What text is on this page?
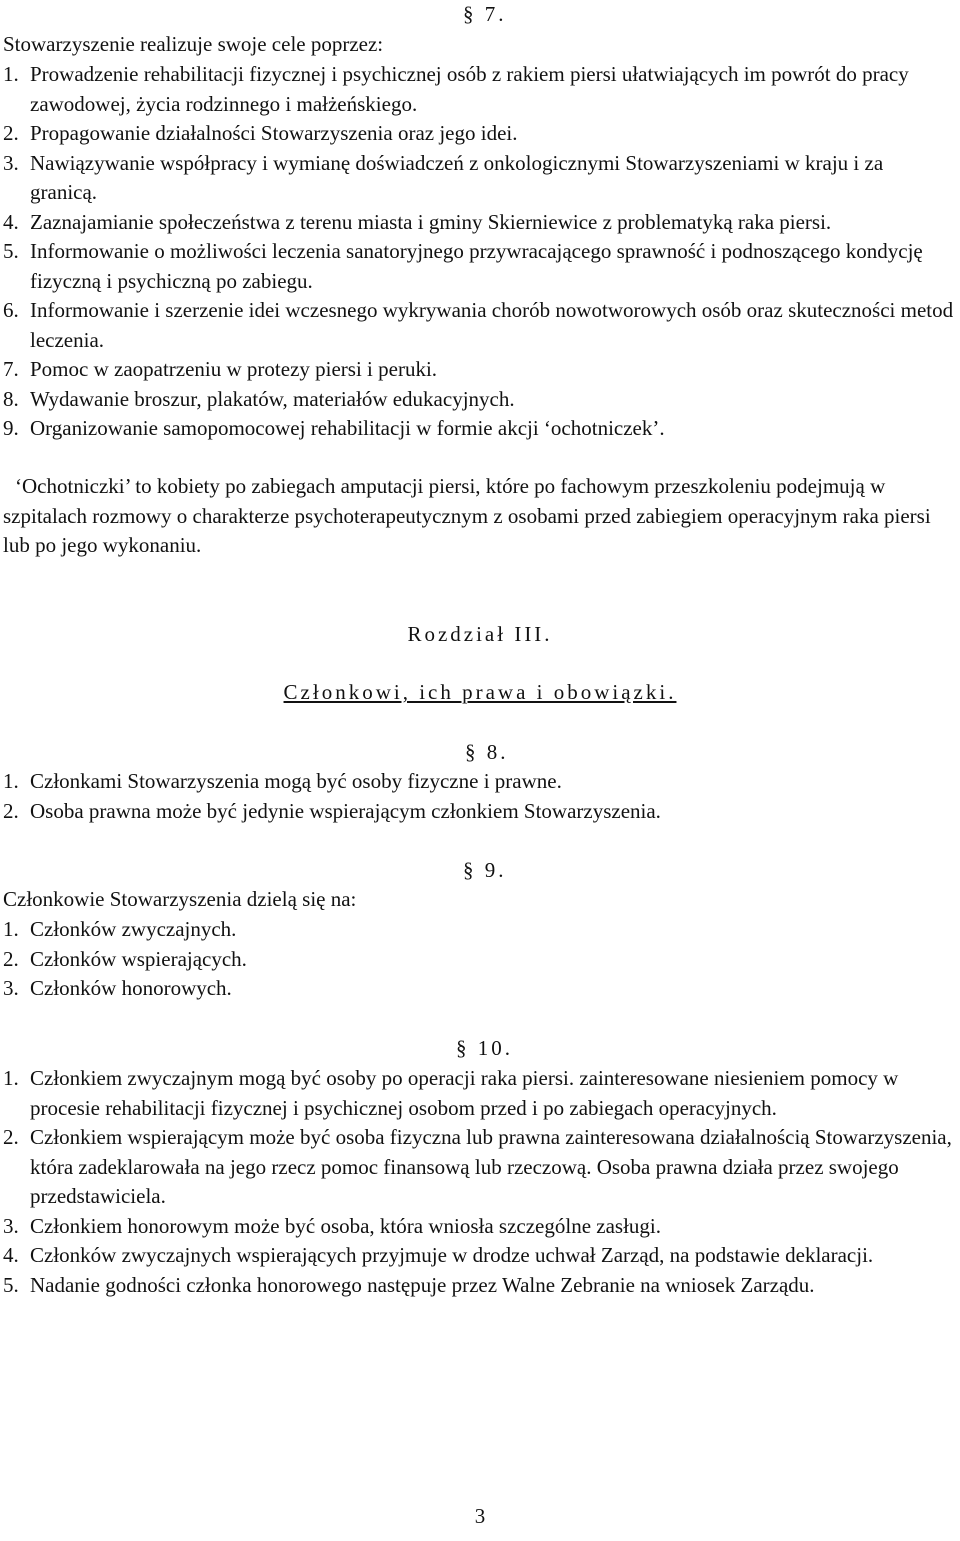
§ 7.

Stowarzyszenie realizuje swoje cele poprzez:

1. Prowadzenie rehabilitacji fizycznej i psychicznej osób z rakiem piersi ułatwiających im powrót do pracy zawodowej, życia rodzinnego i małżeńskiego.
2. Propagowanie działalności Stowarzyszenia oraz jego idei.
3. Nawiązywanie współpracy i wymianę doświadczeń z onkologicznymi Stowarzyszeniami w kraju i za granicą.
4. Zaznajamianie społeczeństwa z terenu miasta i gminy Skierniewice z problematyką raka piersi.
5. Informowanie o możliwości leczenia sanatoryjnego przywracającego sprawność i podnoszącego kondycję fizyczną i psychiczną po zabiegu.
6. Informowanie i szerzenie idei wczesnego wykrywania chorób nowotworowych osób oraz skuteczności metod leczenia.
7. Pomoc w zaopatrzeniu w protezy piersi i peruki.
8. Wydawanie broszur, plakatów, materiałów edukacyjnych.
9. Organizowanie samopomocowej rehabilitacji w formie akcji ‘ochotniczek’.

‘Ochotniczki’ to kobiety po zabiegach amputacji piersi, które po fachowym przeszkoleniu podejmują w szpitalach rozmowy o charakterze psychoterapeutycznym z osobami przed zabiegiem operacyjnym raka piersi lub po jego wykonaniu.

Rozdział III.
Członkowi, ich prawa i obowiązki.
§ 8.
1. Członkami Stowarzyszenia mogą być osoby fizyczne i prawne.
2. Osoba prawna może być jedynie wspierającym członkiem Stowarzyszenia.
§ 9.

Członkowie Stowarzyszenia dzielą się na:

1. Członków zwyczajnych.
2. Członków wspierających.
3. Członków honorowych.
§ 10.
1. Członkiem zwyczajnym mogą być osoby po operacji raka piersi. zainteresowane niesieniem pomocy w procesie rehabilitacji fizycznej i psychicznej osobom przed i po zabiegach operacyjnych.
2. Członkiem wspierającym może być osoba fizyczna lub prawna zainteresowana działalnością Stowarzyszenia, która zadeklarowała na jego rzecz pomoc finansową lub rzeczową. Osoba prawna działa przez swojego przedstawiciela.
3. Członkiem honorowym może być osoba, która wniosła szczególne zasługi.
4. Członków zwyczajnych wspierających przyjmuje w drodze uchwał Zarząd, na podstawie deklaracji.
5. Nadanie godności członka honorowego następuje przez Walne Zebranie na wniosek Zarządu.
3
